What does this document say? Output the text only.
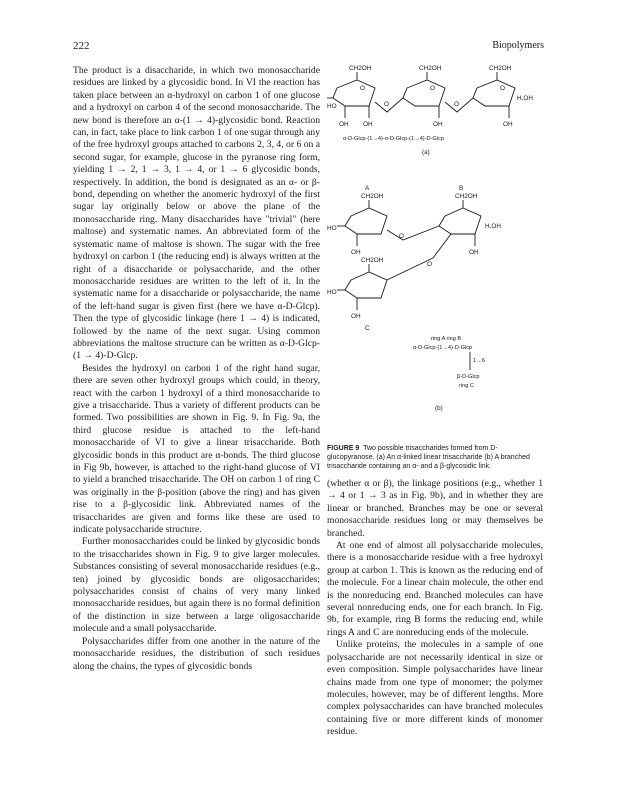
222	Biopolymers

The product is a disaccharide, in which two monosaccharide residues are linked by a glycosidic bond. In VI the reaction has taken place between an α-hydroxyl on carbon 1 of one glucose and a hydroxyl on carbon 4 of the second monosaccharide. The new bond is therefore an α-(1 → 4)-glycosidic bond. Reaction can, in fact, take place to link carbon 1 of one sugar through any of the free hydroxyl groups attached to carbons 2, 3, 4, or 6 on a second sugar, for example, glucose in the pyranose ring form, yielding 1 → 2, 1 → 3, 1 → 4, or 1 → 6 glycosidic bonds, respectively. In addition, the bond is designated as an α- or β-bond, depending on whether the anomeric hydroxyl of the first sugar lay originally below or above the plane of the monosaccharide ring. Many disaccharides have "trivial" (here maltose) and systematic names. An abbreviated form of the systematic name of maltose is shown. The sugar with the free hydroxyl on carbon 1 (the reducing end) is always written at the right of a disaccharide or polysaccharide, and the other monosaccharide residues are written to the left of it. In the systematic name for a disaccharide or polysaccharide, the name of the left-hand sugar is given first (here we have α-D-Glcp). Then the type of glycosidic linkage (here 1 → 4) is indicated, followed by the name of the next sugar. Using common abbreviations the maltose structure can be written as α-D-Glcp-(1 → 4)-D-Glcp.

Besides the hydroxyl on carbon 1 of the right hand sugar, there are seven other hydroxyl groups which could, in theory, react with the carbon 1 hydroxyl of a third monosaccharide to give a trisaccharide. Thus a variety of different products can be formed. Two possibilities are shown in Fig. 9. In Fig. 9a, the third glucose residue is attached to the left-hand monosaccharide of VI to give a linear trisaccharide. Both glycosidic bonds in this product are α-bonds. The third glucose in Fig 9b, however, is attached to the right-hand glucose of VI to yield a branched trisaccharide. The OH on carbon 1 of ring C was originally in the β-position (above the ring) and has given rise to a β-glycosidic link. Abbreviated names of the trisaccharides are given and forms like these are used to indicate polysaccharide structure.

Further monosaccharides could be linked by glycosidic bonds to the trisaccharides shown in Fig. 9 to give larger molecules. Substances consisting of several monosaccharide residues (e.g., ten) joined by glycosidic bonds are oligosaccharides; polysaccharides consist of chains of very many linked monosaccharide residues, but again there is no formal definition of the distinction in size between a large oligosaccharide molecule and a small polysaccharide.

Polysaccharides differ from one another in the nature of the monosaccharide residues, the distribution of such residues along the chains, the types of glycosidic bonds

CH2OH	CH2OH	CH2OH
O	O	O
HO	O	O
H,OH
OH OH	OH	OH
α-D-Glcp-(1→4)-α-D-Glcp-(1→4)-D-Glcp
(a)
A	B
CH2OH	CH2OH
HO
O
H,OH
OH	OH
O
CH2OH
HO
OH
C
ring A ring B
α-D-Glcp-(1→4)-D-Glcp
1→6
β-D-Glcp
ring C
(b)
FIGURE 9 Two possible trisaccharides formed from D-glucopyranose. (a) An α-linked linear trisaccharide (b) A branched trisaccharide containing an α- and a β-glycosidic link.

(whether α or β), the linkage positions (e.g., whether 1 → 4 or 1 → 3 as in Fig. 9b), and in whether they are linear or branched. Branches may be one or several monosaccharide residues long or may themselves be branched.

At one end of almost all polysaccharide molecules, there is a monosaccharide residue with a free hydroxyl group at carbon 1. This is known as the reducing end of the molecule. For a linear chain molecule, the other end is the nonreducing end. Branched molecules can have several nonreducing ends, one for each branch. In Fig. 9b, for example, ring B forms the reducing end, while rings A and C are nonreducing ends of the molecule.

Unlike proteins, the molecules in a sample of one polysaccharide are not necessarily identical in size or even composition. Simple polysaccharides have linear chains made from one type of monomer; the polymer molecules, however, may be of different lengths. More complex polysaccharides can have branched molecules containing five or more different kinds of monomer residue.
